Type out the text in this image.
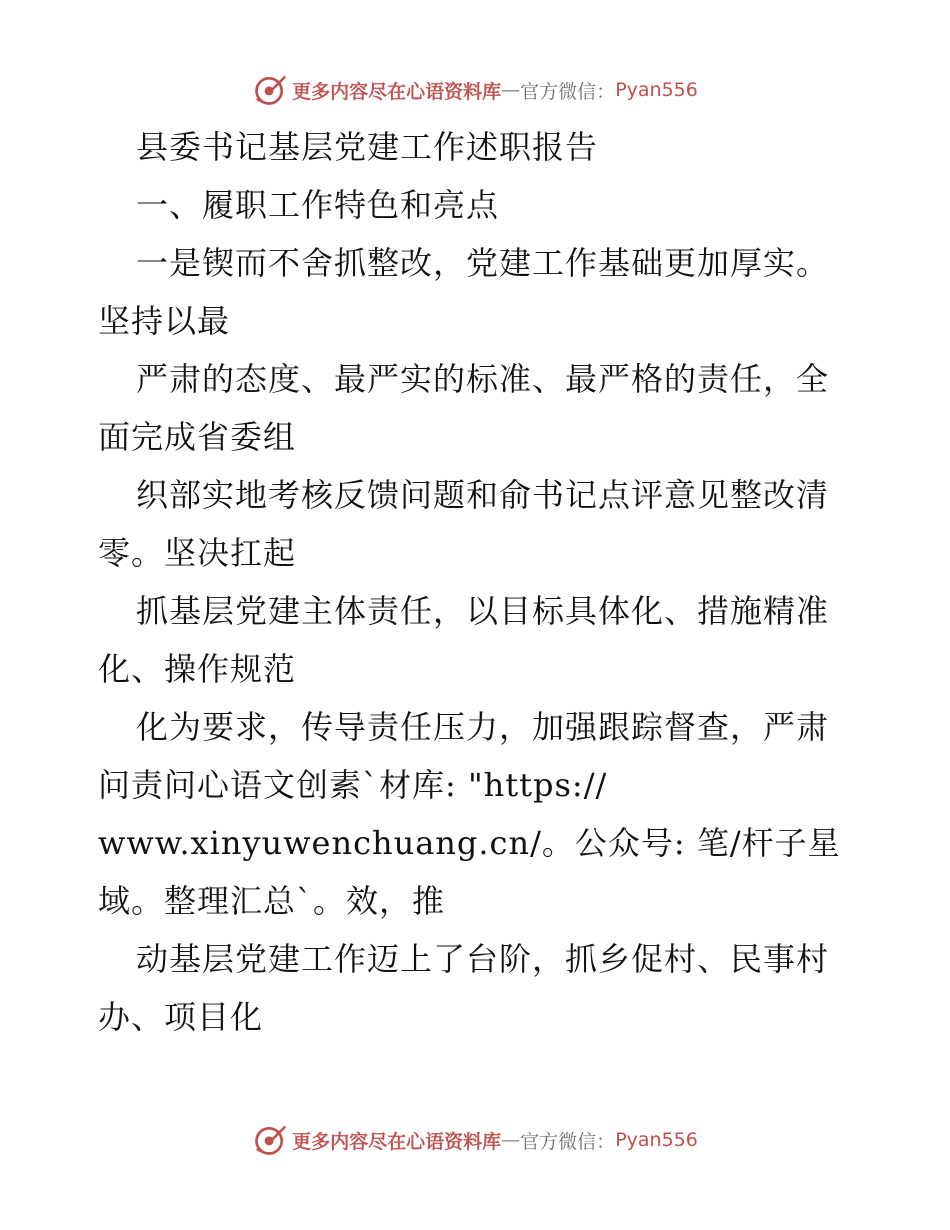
更多内容尽在心语资料库 — 官方微信： Pyan556
县委书记基层党建工作述职报告
一、履职工作特色和亮点
一是锲而不舍抓整改，党建工作基础更加厚实。
坚持以最
严肃的态度、最严实的标准、最严格的责任，全
面完成省委组
织部实地考核反馈问题和俞书记点评意见整改清
零。坚决扛起
抓基层党建主体责任，以目标具体化、措施精准
化、操作规范
化为要求，传导责任压力，加强跟踪督查，严肃
问责问心语文创素`材库: "https://
www.xinyuwenchuang.cn/。公众号: 笔/杆子星
域。整理汇总`。效，推
动基层党建工作迈上了台阶，抓乡促村、民事村
办、项目化
更多内容尽在心语资料库 — 官方微信： Pyan556
